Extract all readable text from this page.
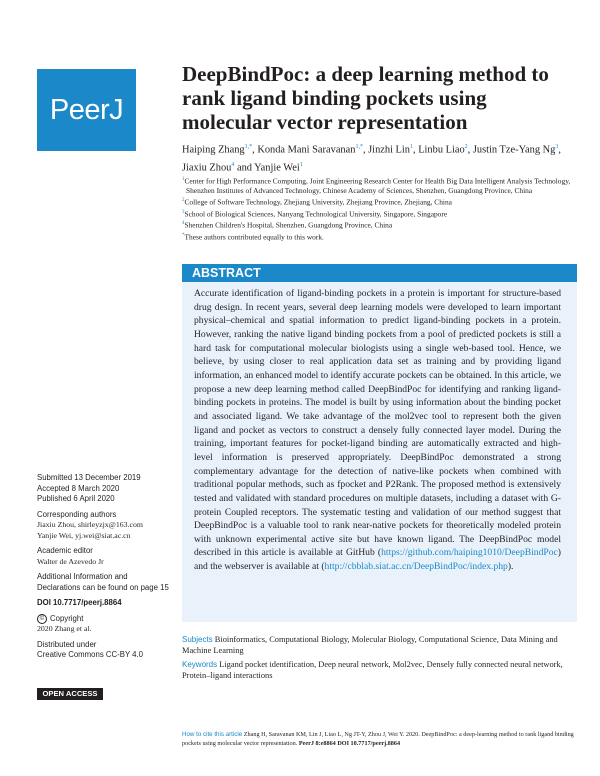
PeerJ
DeepBindPoc: a deep learning method to rank ligand binding pockets using molecular vector representation
Haiping Zhang$^{1,*}$, Konda Mani Saravanan$^{1,*}$, Jinzhi Lin$^1$, Linbu Liao$^2$, Justin Tze-Yang Ng$^3$, Jiaxiu Zhou$^4$ and Yanjie Wei$^1$
$^1$Center for High Performance Computing, Joint Engineering Research Center for Health Big Data Intelligent Analysis Technology, Shenzhen Institutes of Advanced Technology, Chinese Academy of Sciences, Shenzhen, Guangdong Province, China
$^2$College of Software Technology, Zhejiang University, Zhejiang Province, Zhejiang, China
$^3$School of Biological Sciences, Nanyang Technological University, Singapore, Singapore
$^4$Shenzhen Children's Hospital, Shenzhen, Guangdong Province, China
*These authors contributed equally to this work.
ABSTRACT

Accurate identification of ligand-binding pockets in a protein is important for structure-based drug design. In recent years, several deep learning models were developed to learn important physical–chemical and spatial information to predict ligand-binding pockets in a protein. However, ranking the native ligand binding pockets from a pool of predicted pockets is still a hard task for computational molecular biologists using a single web-based tool. Hence, we believe, by using closer to real application data set as training and by providing ligand information, an enhanced model to identify accurate pockets can be obtained. In this article, we propose a new deep learning method called DeepBindPoc for identifying and ranking ligand-binding pockets in proteins. The model is built by using information about the binding pocket and associated ligand. We take advantage of the mol2vec tool to represent both the given ligand and pocket as vectors to construct a densely fully connected layer model. During the training, important features for pocket-ligand binding are automatically extracted and high-level information is preserved appropriately. DeepBindPoc demonstrated a strong complementary advantage for the detection of native-like pockets when combined with traditional popular methods, such as fpocket and P2Rank. The proposed method is extensively tested and validated with standard procedures on multiple datasets, including a dataset with G-protein Coupled receptors. The systematic testing and validation of our method suggest that DeepBindPoc is a valuable tool to rank near-native pockets for theoretically modeled protein with unknown experimental active site but have known ligand. The DeepBindPoc model described in this article is available at GitHub (https://github.com/haiping1010/DeepBindPoc) and the webserver is available at (http://cbblab.siat.ac.cn/DeepBindPoc/index.php).

Subjects Bioinformatics, Computational Biology, Molecular Biology, Computational Science, Data Mining and Machine Learning
Keywords Ligand pocket identification, Deep neural network, Mol2vec, Densely fully connected neural network, Protein–ligand interactions
Submitted 13 December 2019
Accepted 8 March 2020
Published 6 April 2020
Corresponding authors
Jiaxiu Zhou, shirleyzjx@163.com
Yanjie Wei, yj.wei@siat.ac.cn
Academic editor
Walter de Azevedo Jr
Additional Information and Declarations can be found on page 15
DOI 10.7717/peerj.8864
© Copyright
2020 Zhang et al.
Distributed under
Creative Commons CC-BY 4.0
OPEN ACCESS
How to cite this article Zhang H, Saravanan KM, Lin J, Liao L, Ng JT-Y, Zhou J, Wei Y. 2020. DeepBindPoc: a deep-learning method to rank ligand binding pockets using molecular vector representation. PeerJ 8:e8864 DOI 10.7717/peerj.8864
